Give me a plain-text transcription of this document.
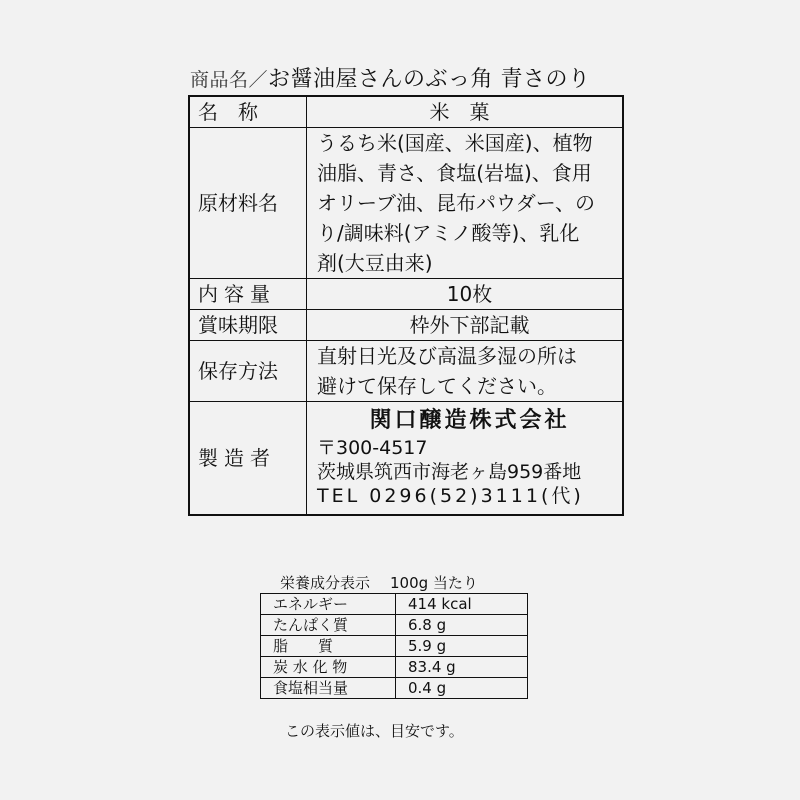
商品名／お醤油屋さんのぶっ角 青さのり
名称	米菓
原材料名	うるち米(国産、米国産)、植物
油脂、青さ、食塩(岩塩)、食用
オリーブ油、昆布パウダー、の
り/調味料(アミノ酸等)、乳化
剤(大豆由来)

内容量	10枚
賞味期限	枠外下部記載
保存方法	直射日光及び高温多湿の所は
避けて保存してください。

製造者	関口醸造株式会社
〒300-4517
茨城県筑西市海老ヶ島959番地
TEL 0296(52)3111(代)
栄養成分表示 100g 当たり
エネルギー	414 kcal
たんぱく質	6.8 g
脂　　質	5.9 g
炭 水 化 物	83.4 g
食塩相当量	0.4 g
この表示値は、目安です。
